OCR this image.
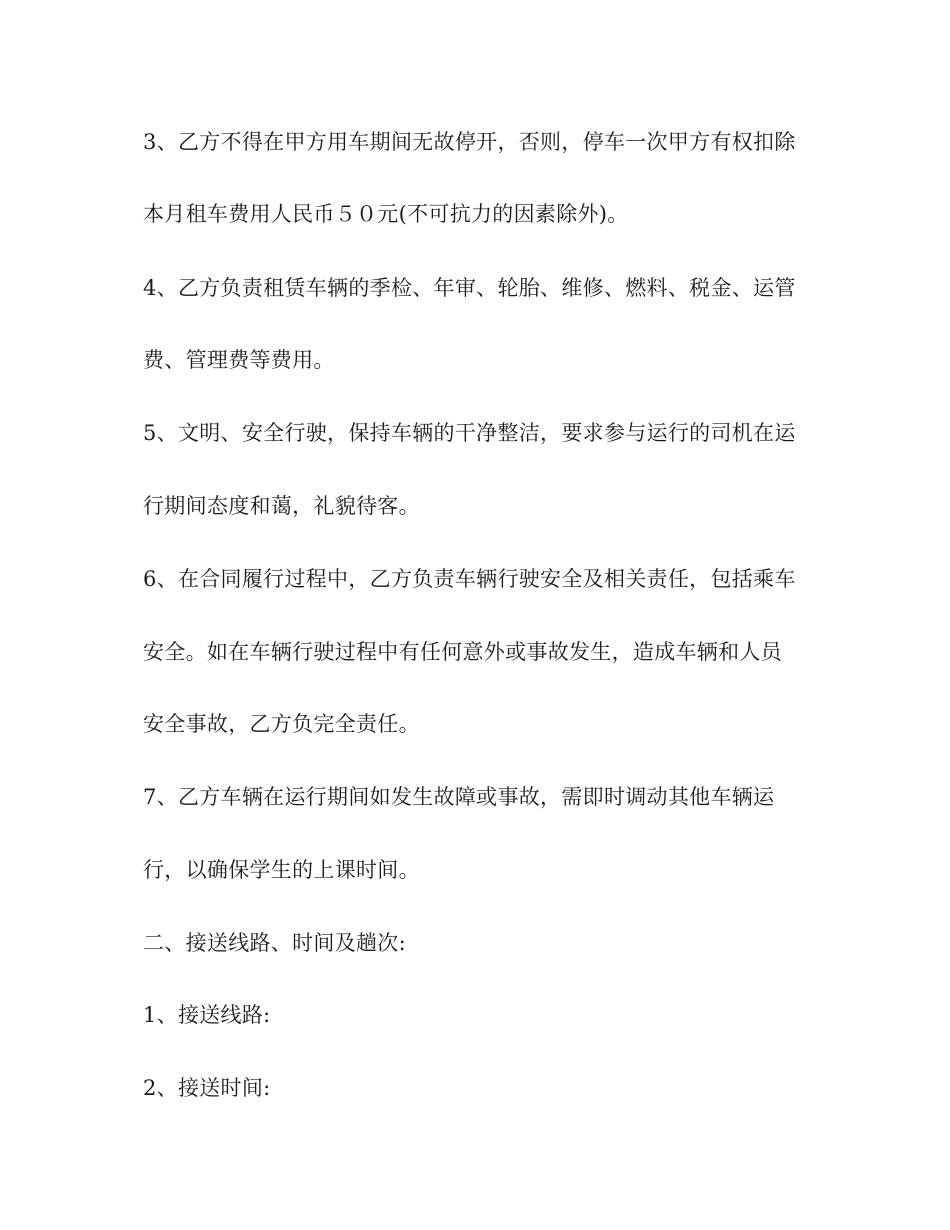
3、乙方不得在甲方用车期间无故停开，否则，停车一次甲方有权扣除
本月租车费用人民币５０元(不可抗力的因素除外)。
4、乙方负责租赁车辆的季检、年审、轮胎、维修、燃料、税金、运管
费、管理费等费用。
5、文明、安全行驶，保持车辆的干净整洁，要求参与运行的司机在运
行期间态度和蔼，礼貌待客。
6、在合同履行过程中，乙方负责车辆行驶安全及相关责任，包括乘车
安全。如在车辆行驶过程中有任何意外或事故发生，造成车辆和人员
安全事故，乙方负完全责任。
7、乙方车辆在运行期间如发生故障或事故，需即时调动其他车辆运
行，以确保学生的上课时间。
二、接送线路、时间及趟次:
1、接送线路:
2、接送时间:
